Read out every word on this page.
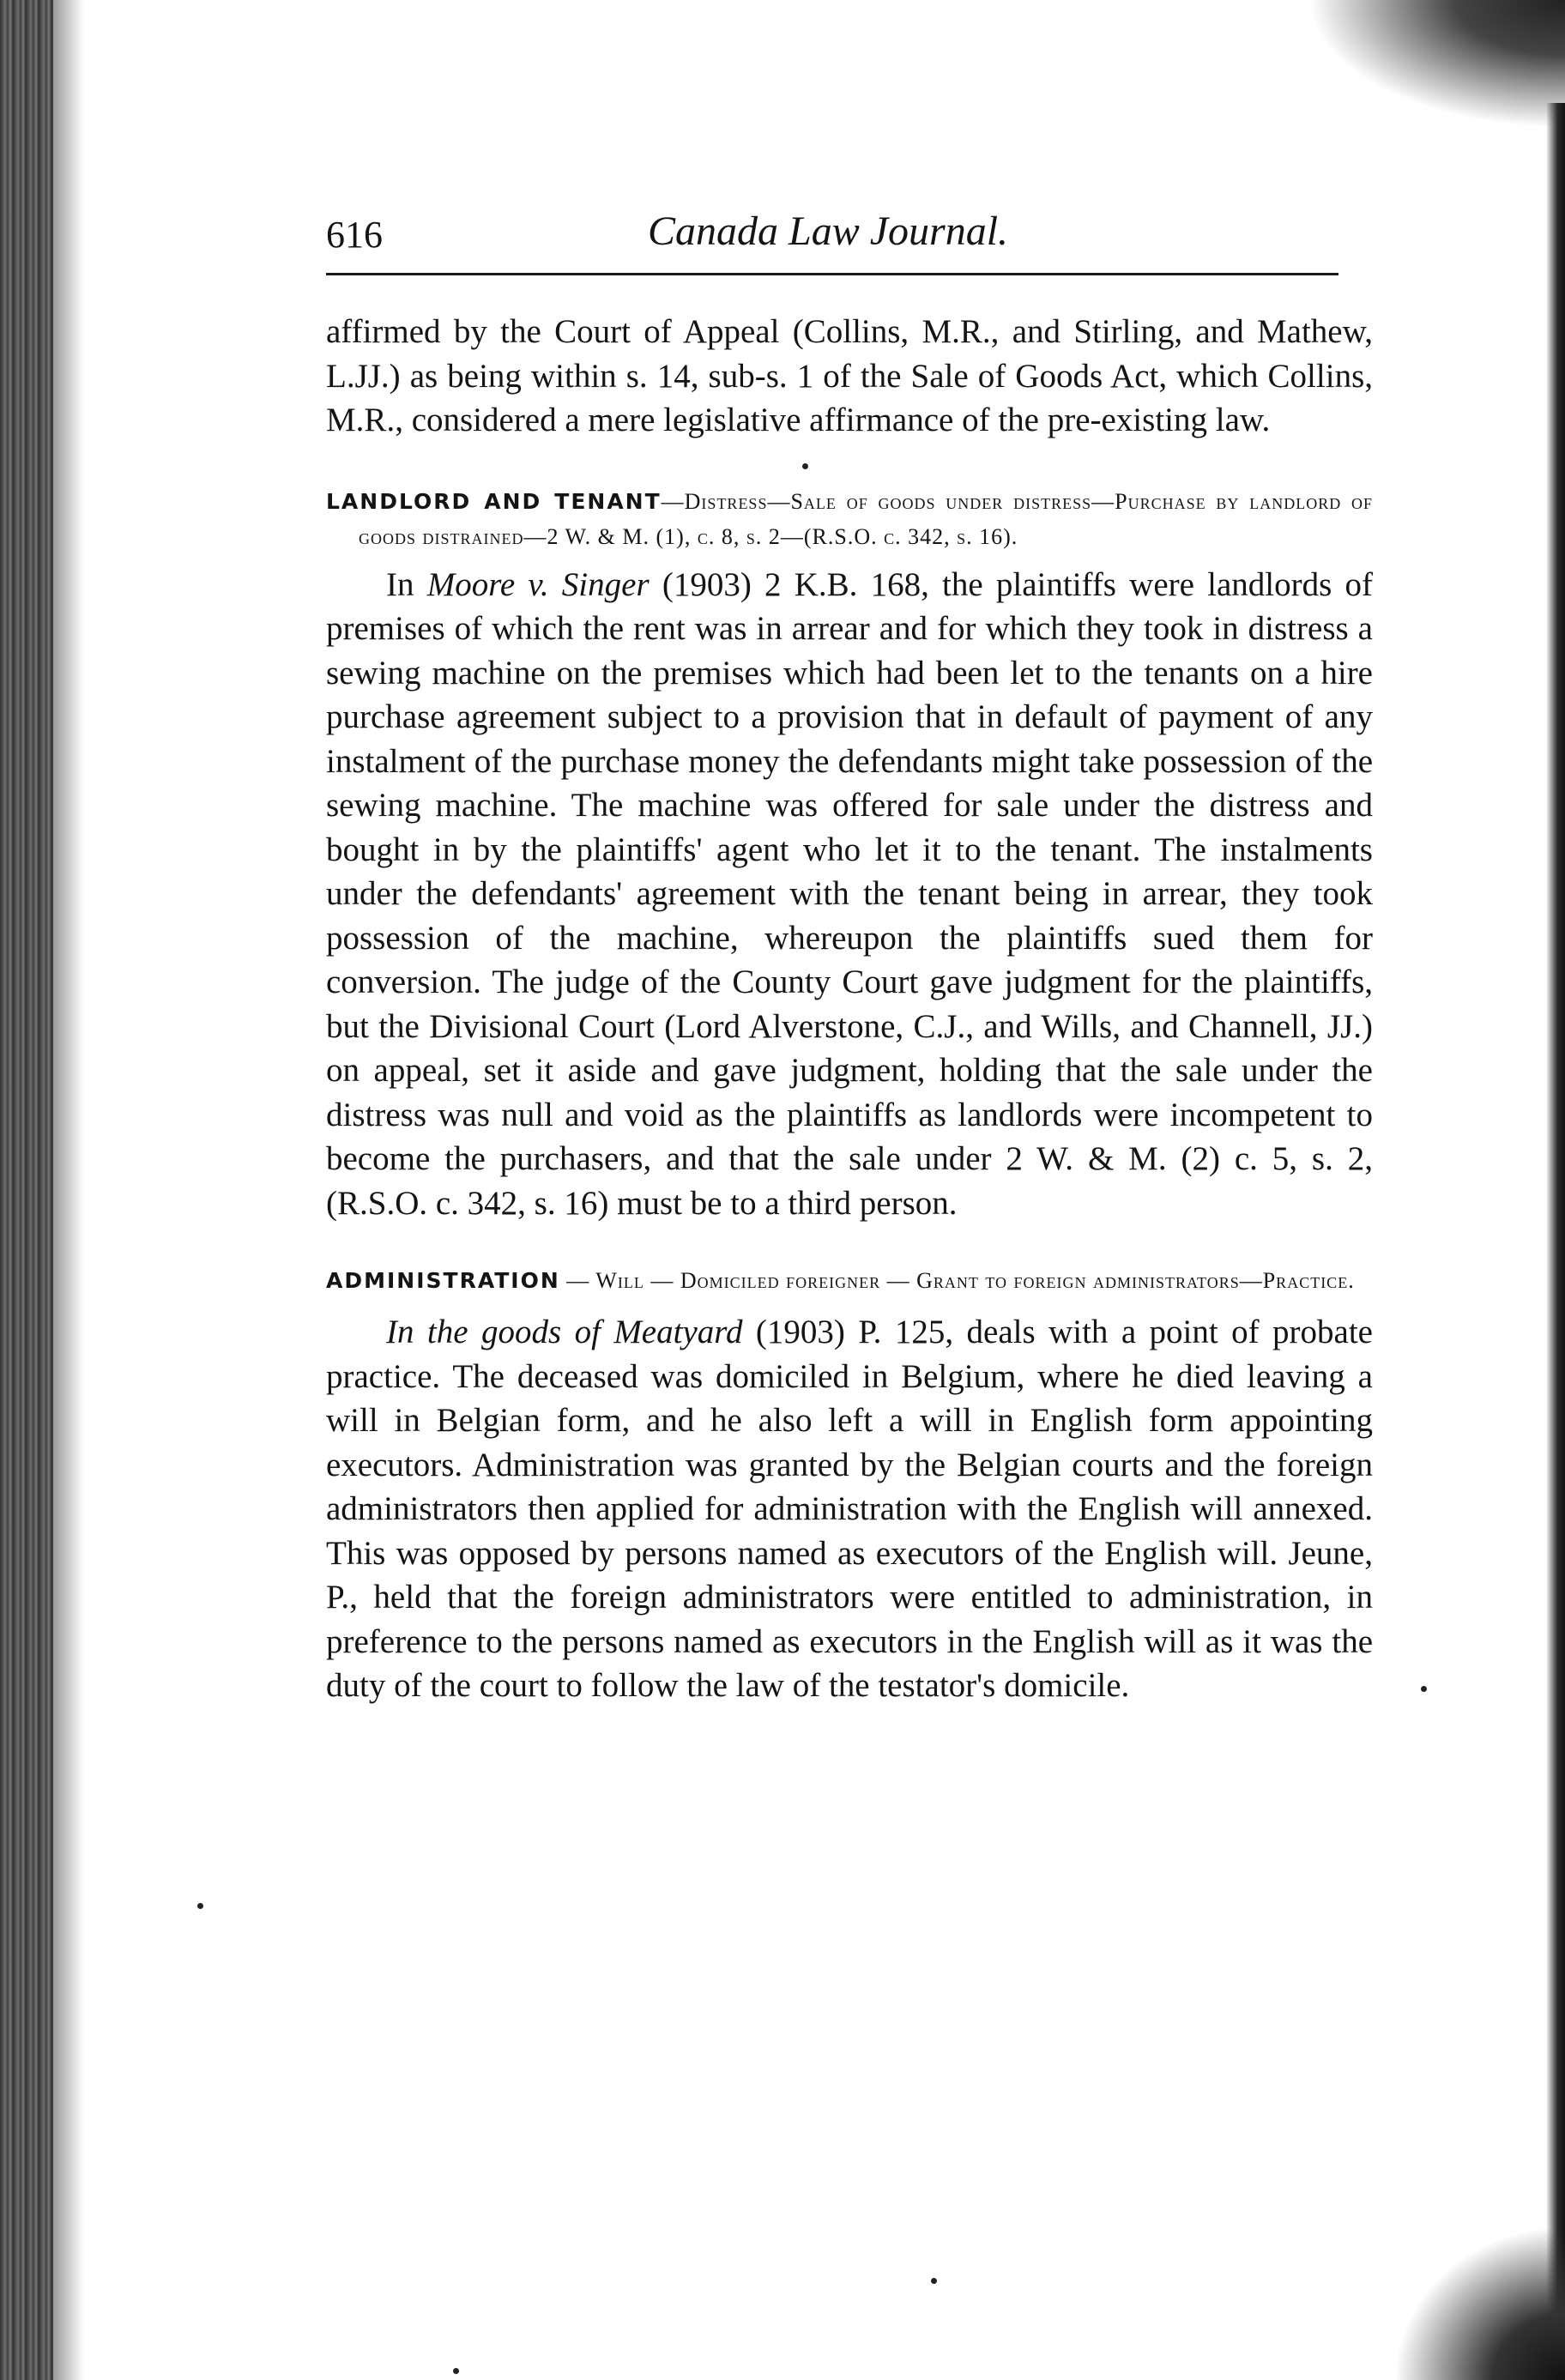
616	Canada Law Journal.

affirmed by the Court of Appeal (Collins, M.R., and Stirling, and Mathew, L.JJ.) as being within s. 14, sub-s. 1 of the Sale of Goods Act, which Collins, M.R., considered a mere legislative affirmance of the pre-existing law.

LANDLORD AND TENANT—Distress—Sale of goods under distress—Purchase by landlord of goods distrained—2 W. & M. (1), c. 8, s. 2—(R.S.O. c. 342, s. 16).

In Moore v. Singer (1903) 2 K.B. 168, the plaintiffs were landlords of premises of which the rent was in arrear and for which they took in distress a sewing machine on the premises which had been let to the tenants on a hire purchase agreement subject to a provision that in default of payment of any instalment of the purchase money the defendants might take possession of the sewing machine. The machine was offered for sale under the distress and bought in by the plaintiffs' agent who let it to the tenant. The instalments under the defendants' agreement with the tenant being in arrear, they took possession of the machine, whereupon the plaintiffs sued them for conversion. The judge of the County Court gave judgment for the plaintiffs, but the Divisional Court (Lord Alverstone, C.J., and Wills, and Channell, JJ.) on appeal, set it aside and gave judgment, holding that the sale under the distress was null and void as the plaintiffs as landlords were incompetent to become the purchasers, and that the sale under 2 W. & M. (2) c. 5, s. 2, (R.S.O. c. 342, s. 16) must be to a third person.

ADMINISTRATION — Will — Domiciled foreigner — Grant to foreign administrators—Practice.

In the goods of Meatyard (1903) P. 125, deals with a point of probate practice. The deceased was domiciled in Belgium, where he died leaving a will in Belgian form, and he also left a will in English form appointing executors. Administration was granted by the Belgian courts and the foreign administrators then applied for administration with the English will annexed. This was opposed by persons named as executors of the English will. Jeune, P., held that the foreign administrators were entitled to administration, in preference to the persons named as executors in the English will as it was the duty of the court to follow the law of the testator's domicile.
